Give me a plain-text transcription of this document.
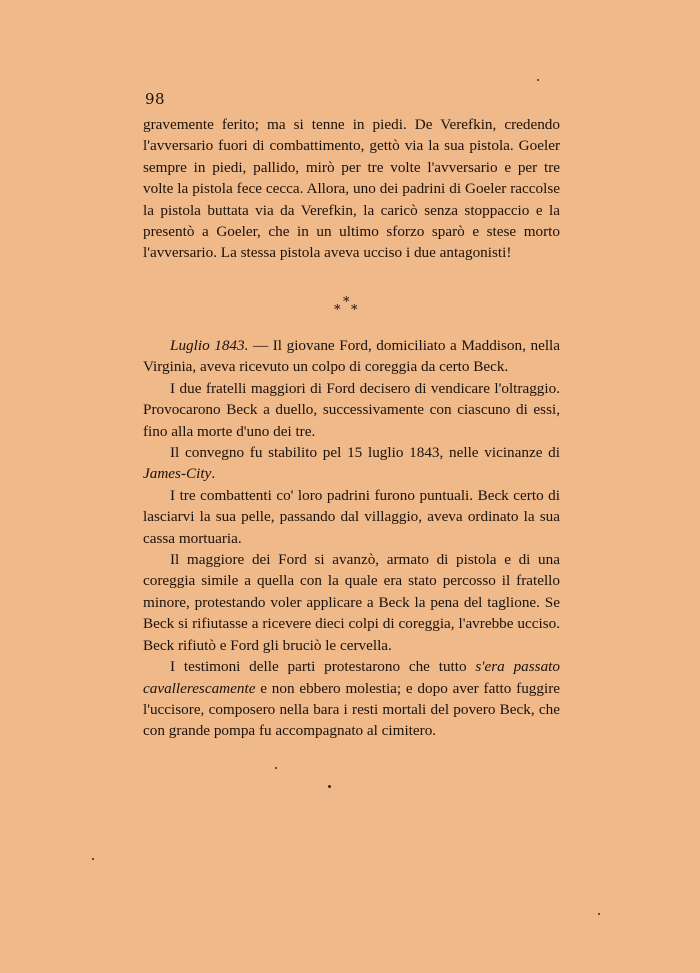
98

gravemente ferito; ma si tenne in piedi. De Verefkin, credendo l'avversario fuori di combattimento, gettò via la sua pistola. Goeler sempre in piedi, pallido, mirò per tre volte l'avversario e per tre volte la pistola fece cecca. Allora, uno dei padrini di Goeler raccolse la pistola buttata via da Verefkin, la caricò senza stoppaccio e la presentò a Goeler, che in un ultimo sforzo sparò e stese morto l'avversario. La stessa pistola aveva ucciso i due antagonisti!

*
* *

Luglio 1843. — Il giovane Ford, domiciliato a Maddison, nella Virginia, aveva ricevuto un colpo di coreggia da certo Beck.

I due fratelli maggiori di Ford decisero di vendicare l'oltraggio. Provocarono Beck a duello, successivamente con ciascuno di essi, fino alla morte d'uno dei tre.

Il convegno fu stabilito pel 15 luglio 1843, nelle vicinanze di James-City.

I tre combattenti co' loro padrini furono puntuali. Beck certo di lasciarvi la sua pelle, passando dal villaggio, aveva ordinato la sua cassa mortuaria.

Il maggiore dei Ford si avanzò, armato di pistola e di una coreggia simile a quella con la quale era stato percosso il fratello minore, protestando voler applicare a Beck la pena del taglione. Se Beck si rifiutasse a ricevere dieci colpi di coreggia, l'avrebbe ucciso. Beck rifiutò e Ford gli bruciò le cervella.

I testimoni delle parti protestarono che tutto s'era passato cavallerescamente e non ebbero molestia; e dopo aver fatto fuggire l'uccisore, composero nella bara i resti mortali del povero Beck, che con grande pompa fu accompagnato al cimitero.
